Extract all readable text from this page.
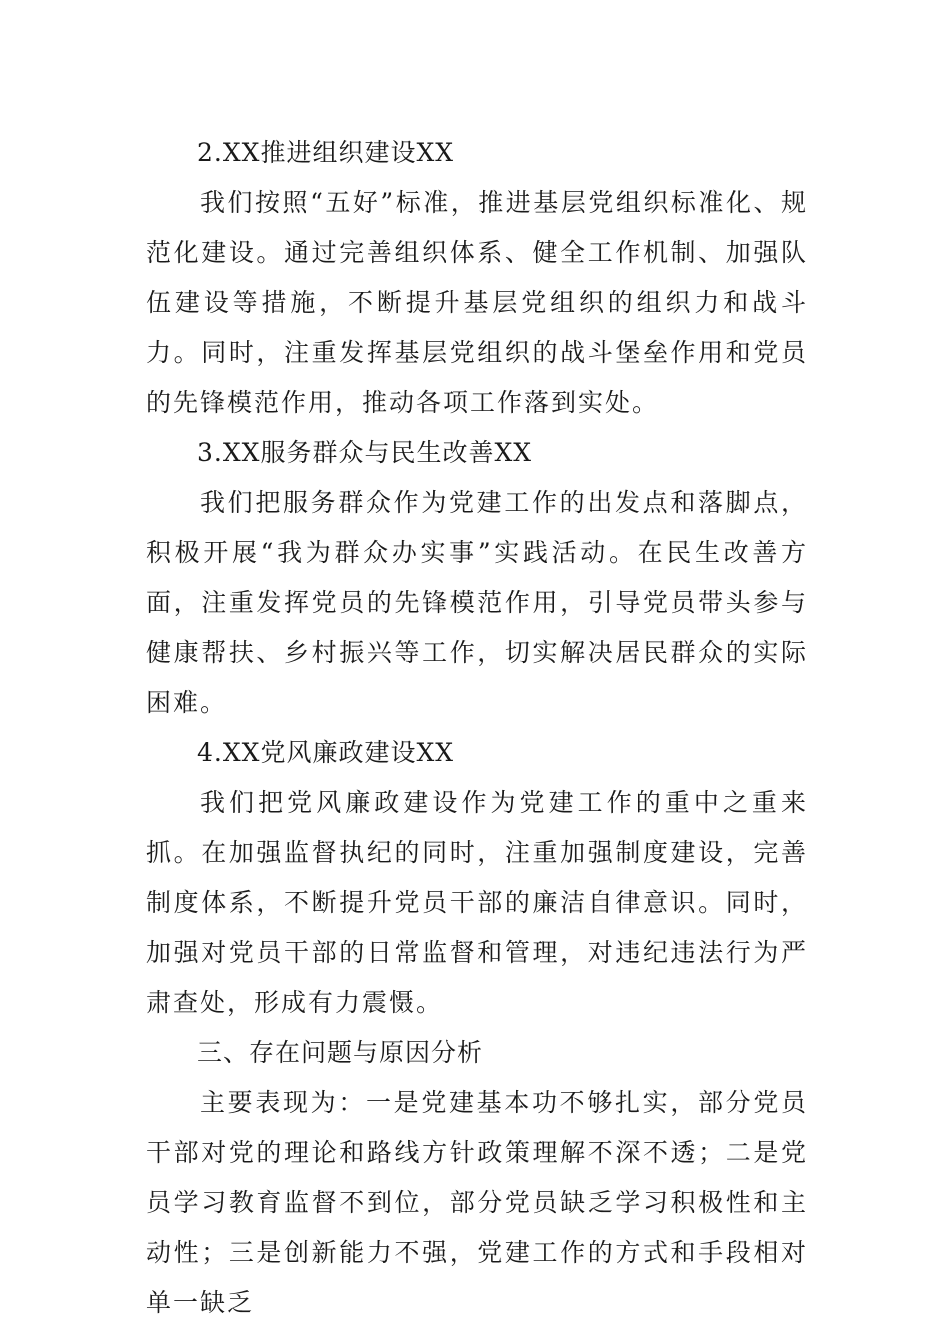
2.XX推进组织建设XX

我们按照“五好”标准，推进基层党组织标准化、规范化建设。通过完善组织体系、健全工作机制、加强队伍建设等措施，不断提升基层党组织的组织力和战斗力。同时，注重发挥基层党组织的战斗堡垒作用和党员的先锋模范作用，推动各项工作落到实处。

3.XX服务群众与民生改善XX

我们把服务群众作为党建工作的出发点和落脚点，积极开展“我为群众办实事”实践活动。在民生改善方面，注重发挥党员的先锋模范作用，引导党员带头参与健康帮扶、乡村振兴等工作，切实解决居民群众的实际困难。

4.XX党风廉政建设XX

我们把党风廉政建设作为党建工作的重中之重来抓。在加强监督执纪的同时，注重加强制度建设，完善制度体系，不断提升党员干部的廉洁自律意识。同时，加强对党员干部的日常监督和管理，对违纪违法行为严肃查处，形成有力震慑。

三、存在问题与原因分析

主要表现为：一是党建基本功不够扎实，部分党员干部对党的理论和路线方针政策理解不深不透；二是党员学习教育监督不到位，部分党员缺乏学习积极性和主动性；三是创新能力不强，党建工作的方式和手段相对单一缺乏
